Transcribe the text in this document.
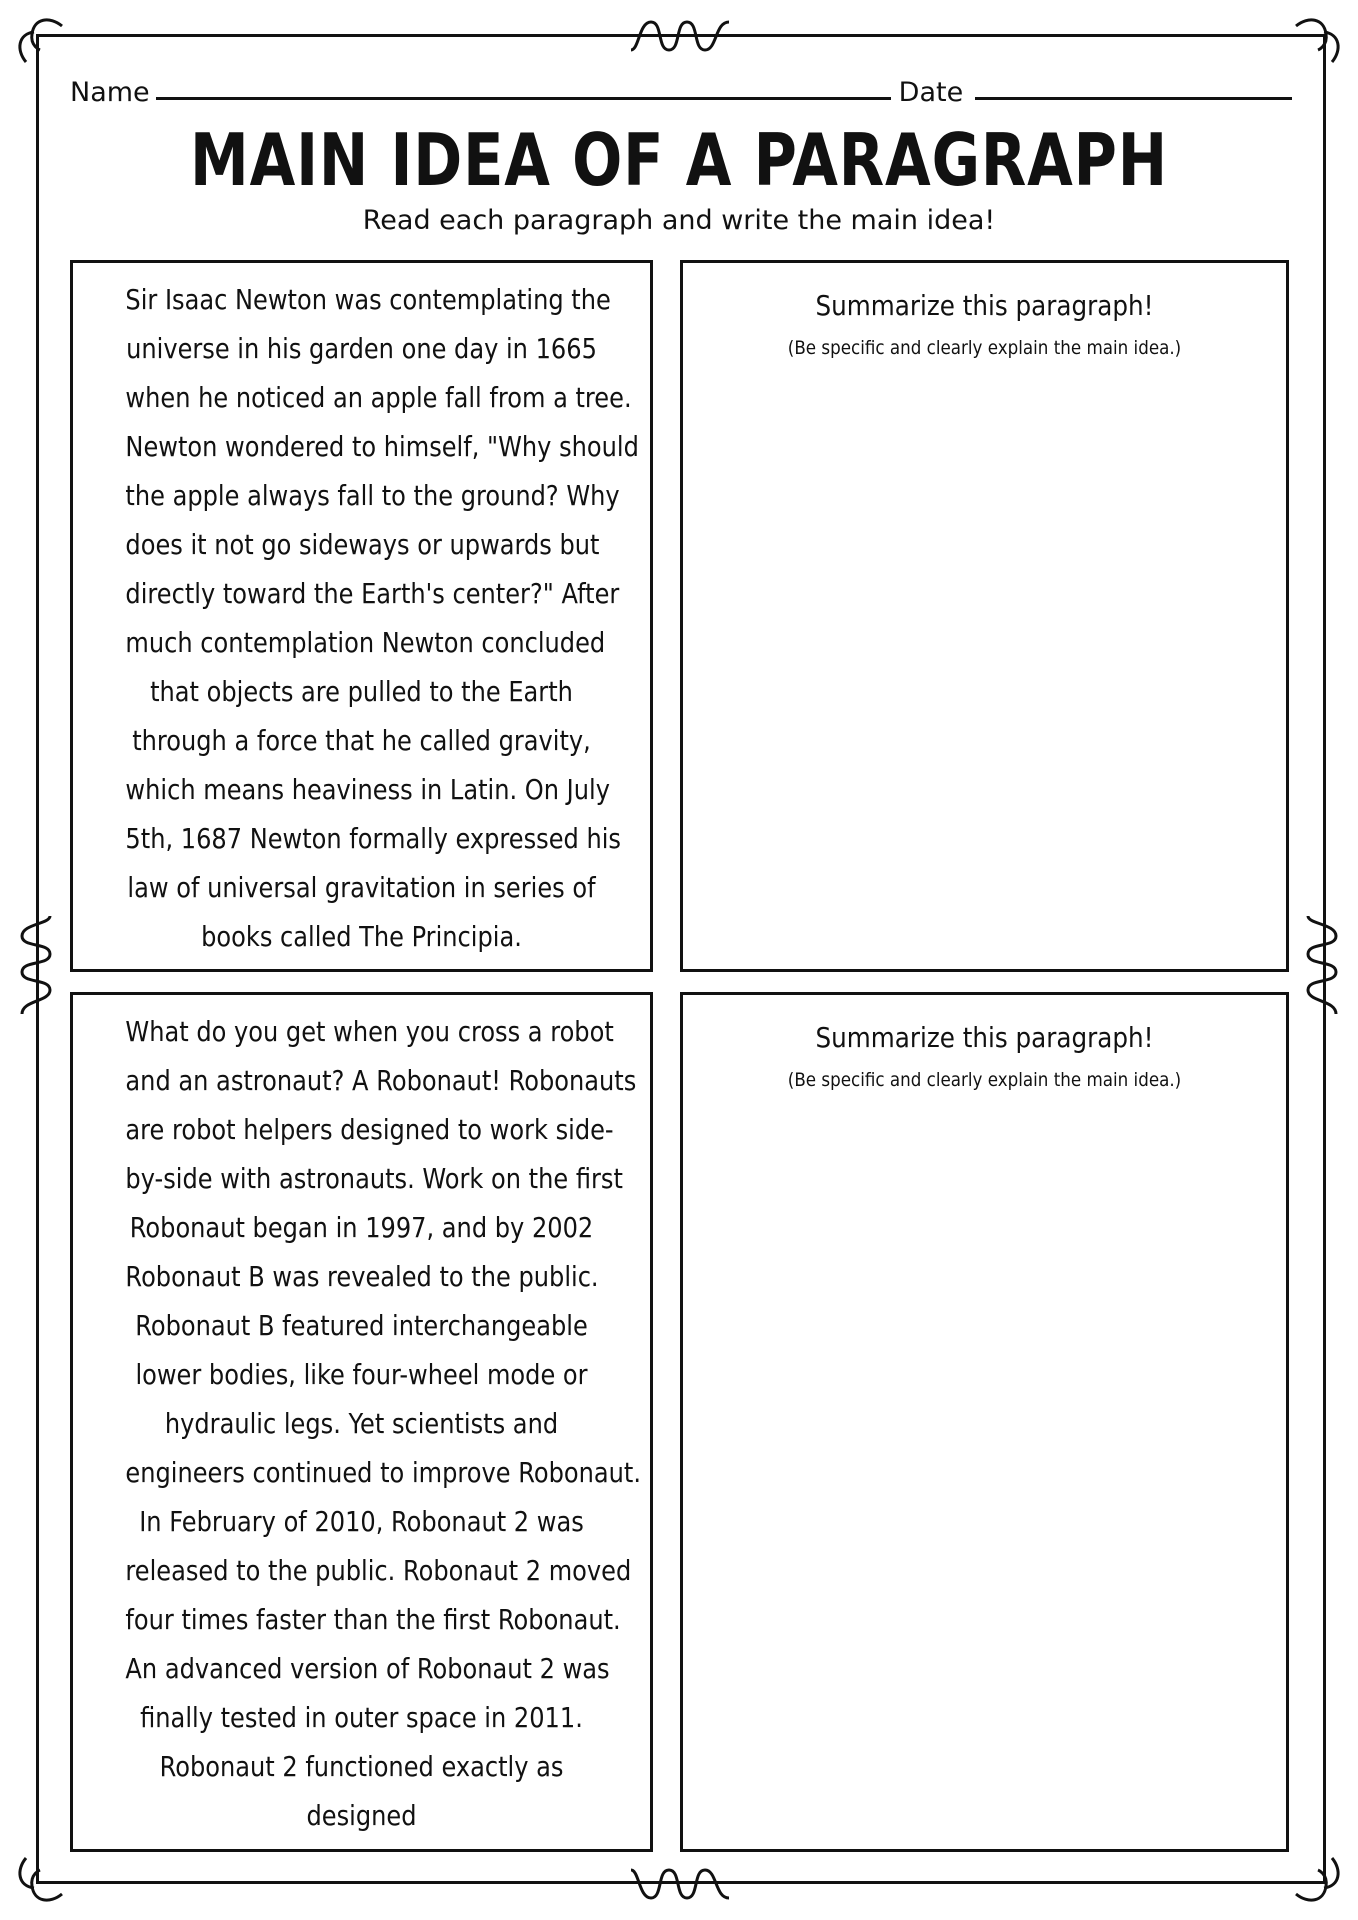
Name	Date
MAIN IDEA OF A PARAGRAPH
Read each paragraph and write the main idea!
Sir Isaac Newton was contemplating the
universe in his garden one day in 1665
when he noticed an apple fall from a tree.
Newton wondered to himself, "Why should
the apple always fall to the ground? Why
does it not go sideways or upwards but
directly toward the Earth's center?" After
much contemplation Newton concluded
that objects are pulled to the Earth
through a force that he called gravity,
which means heaviness in Latin. On July
5th, 1687 Newton formally expressed his
law of universal gravitation in series of
books called The Principia.
Summarize this paragraph!
(Be specific and clearly explain the main idea.)
What do you get when you cross a robot
and an astronaut? A Robonaut! Robonauts
are robot helpers designed to work side-
by-side with astronauts. Work on the first
Robonaut began in 1997, and by 2002
Robonaut B was revealed to the public.
Robonaut B featured interchangeable
lower bodies, like four-wheel mode or
hydraulic legs. Yet scientists and
engineers continued to improve Robonaut.
In February of 2010, Robonaut 2 was
released to the public. Robonaut 2 moved
four times faster than the first Robonaut.
An advanced version of Robonaut 2 was
finally tested in outer space in 2011.
Robonaut 2 functioned exactly as
designed
Summarize this paragraph!
(Be specific and clearly explain the main idea.)
